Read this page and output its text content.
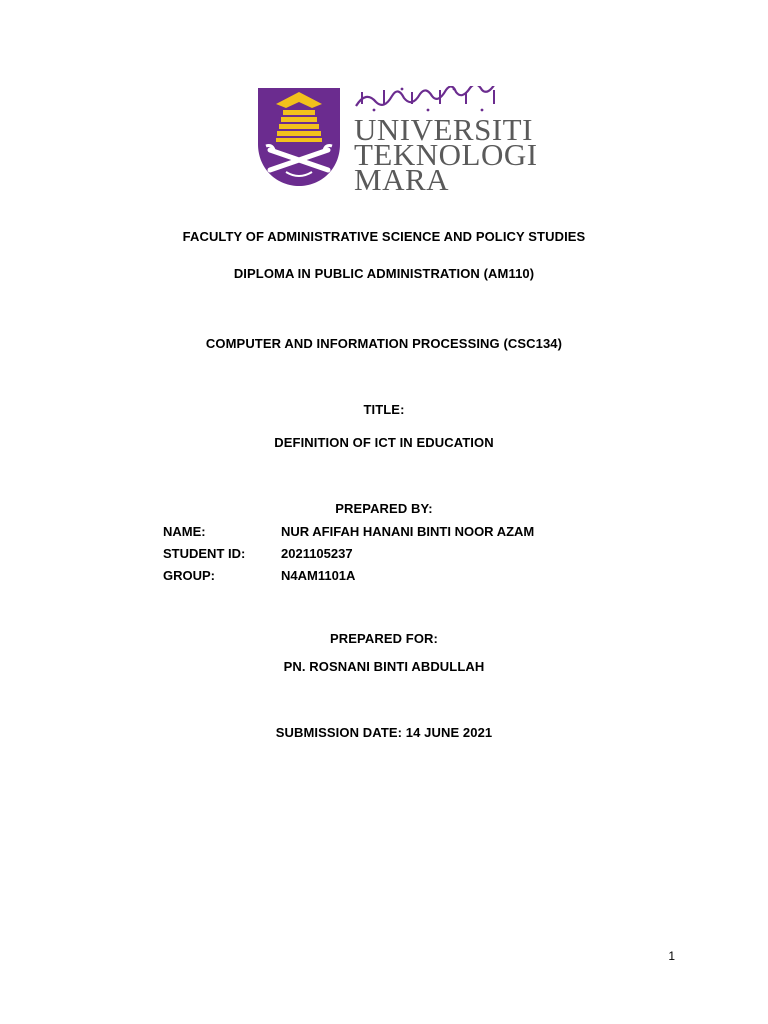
UNIVERSITI
TEKNOLOGI
MARA
FACULTY OF ADMINISTRATIVE SCIENCE AND POLICY STUDIES
DIPLOMA IN PUBLIC ADMINISTRATION (AM110)
COMPUTER AND INFORMATION PROCESSING (CSC134)
TITLE:
DEFINITION OF ICT IN EDUCATION
PREPARED BY:
NAME:	NUR AFIFAH HANANI BINTI NOOR AZAM
STUDENT ID:	2021105237
GROUP:	N4AM1101A
PREPARED FOR:
PN. ROSNANI BINTI ABDULLAH
SUBMISSION DATE: 14 JUNE 2021
1
